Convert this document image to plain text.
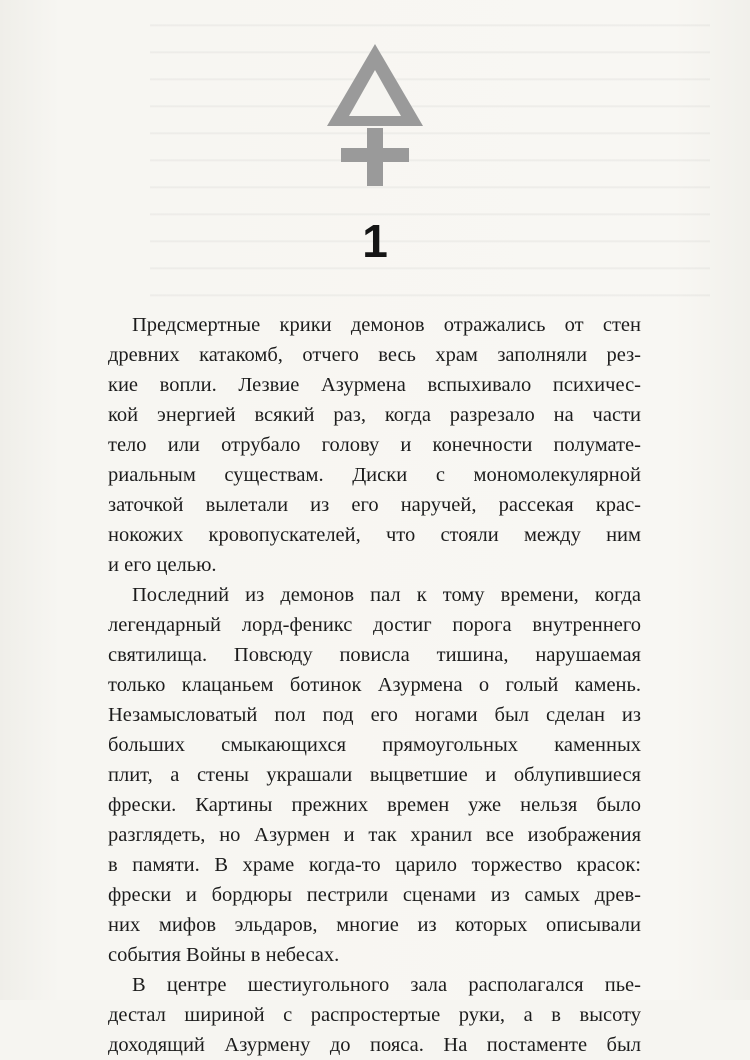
1
Предсмертные крики демонов отражались от стен
древних катакомб, отчего весь храм заполняли рез-
кие вопли. Лезвие Азурмена вспыхивало психичес-
кой энергией всякий раз, когда разрезало на части
тело или отрубало голову и конечности полумате-
риальным существам. Диски с мономолекулярной
заточкой вылетали из его наручей, рассекая крас-
нокожих кровопускателей, что стояли между ним
и его целью.
Последний из демонов пал к тому времени, когда
легендарный лорд-феникс достиг порога внутреннего
святилища. Повсюду повисла тишина, нарушаемая
только клацаньем ботинок Азурмена о голый камень.
Незамысловатый пол под его ногами был сделан из
больших смыкающихся прямоугольных каменных
плит, а стены украшали выцветшие и облупившиеся
фрески. Картины прежних времен уже нельзя было
разглядеть, но Азурмен и так хранил все изображения
в памяти. В храме когда-то царило торжество красок:
фрески и бордюры пестрили сценами из самых древ-
них мифов эльдаров, многие из которых описывали
события Войны в небесах.
В центре шестиугольного зала располагался пье-
дестал шириной с распростертые руки, а в высоту
доходящий Азурмену до пояса. На постаменте был
